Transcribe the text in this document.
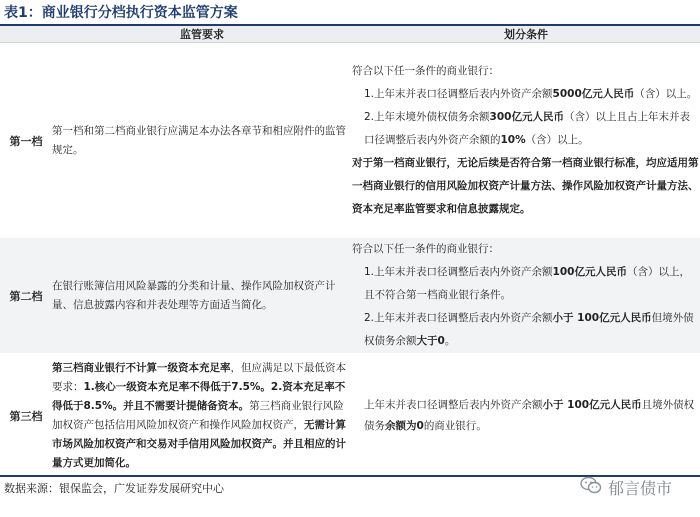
表1：商业银行分档执行资本监管方案
	监管要求	划分条件
第一档	第一档和第二档商业银行应满足本办法各章节和相应附件的监管规定。	符合以下任一条件的商业银行：
1.上年末并表口径调整后表内外资产余额5000亿元人民币（含）以上。
2.上年末境外债权债务余额300亿元人民币（含）以上且占上年末并表口径调整后表内外资产余额的10%（含）以上。
对于第一档商业银行，无论后续是否符合第一档商业银行标准，均应适用第一档商业银行的信用风险加权资产计量方法、操作风险加权资产计量方法、资本充足率监管要求和信息披露规定。

第二档	在银行账簿信用风险暴露的分类和计量、操作风险加权资产计量、信息披露内容和并表处理等方面适当简化。	符合以下任一条件的商业银行：
1.上年末并表口径调整后表内外资产余额100亿元人民币（含）以上，且不符合第一档商业银行条件。
2.上年末并表口径调整后表内外资产余额小于 100亿元人民币但境外债权债务余额大于0。

第三档	第三档商业银行不计算一级资本充足率，但应满足以下最低资本要求：1.核心一级资本充足率不得低于7.5%。2.资本充足率不得低于8.5%。并且不需要计提储备资本。第三档商业银行风险加权资产包括信用风险加权资产和操作风险加权资产，无需计算市场风险加权资产和交易对手信用风险加权资产。并且相应的计量方式更加简化。	上年末并表口径调整后表内外资产余额小于 100亿元人民币且境外债权债务余额为0的商业银行。
数据来源：银保监会，广发证券发展研究中心	郁言债市
